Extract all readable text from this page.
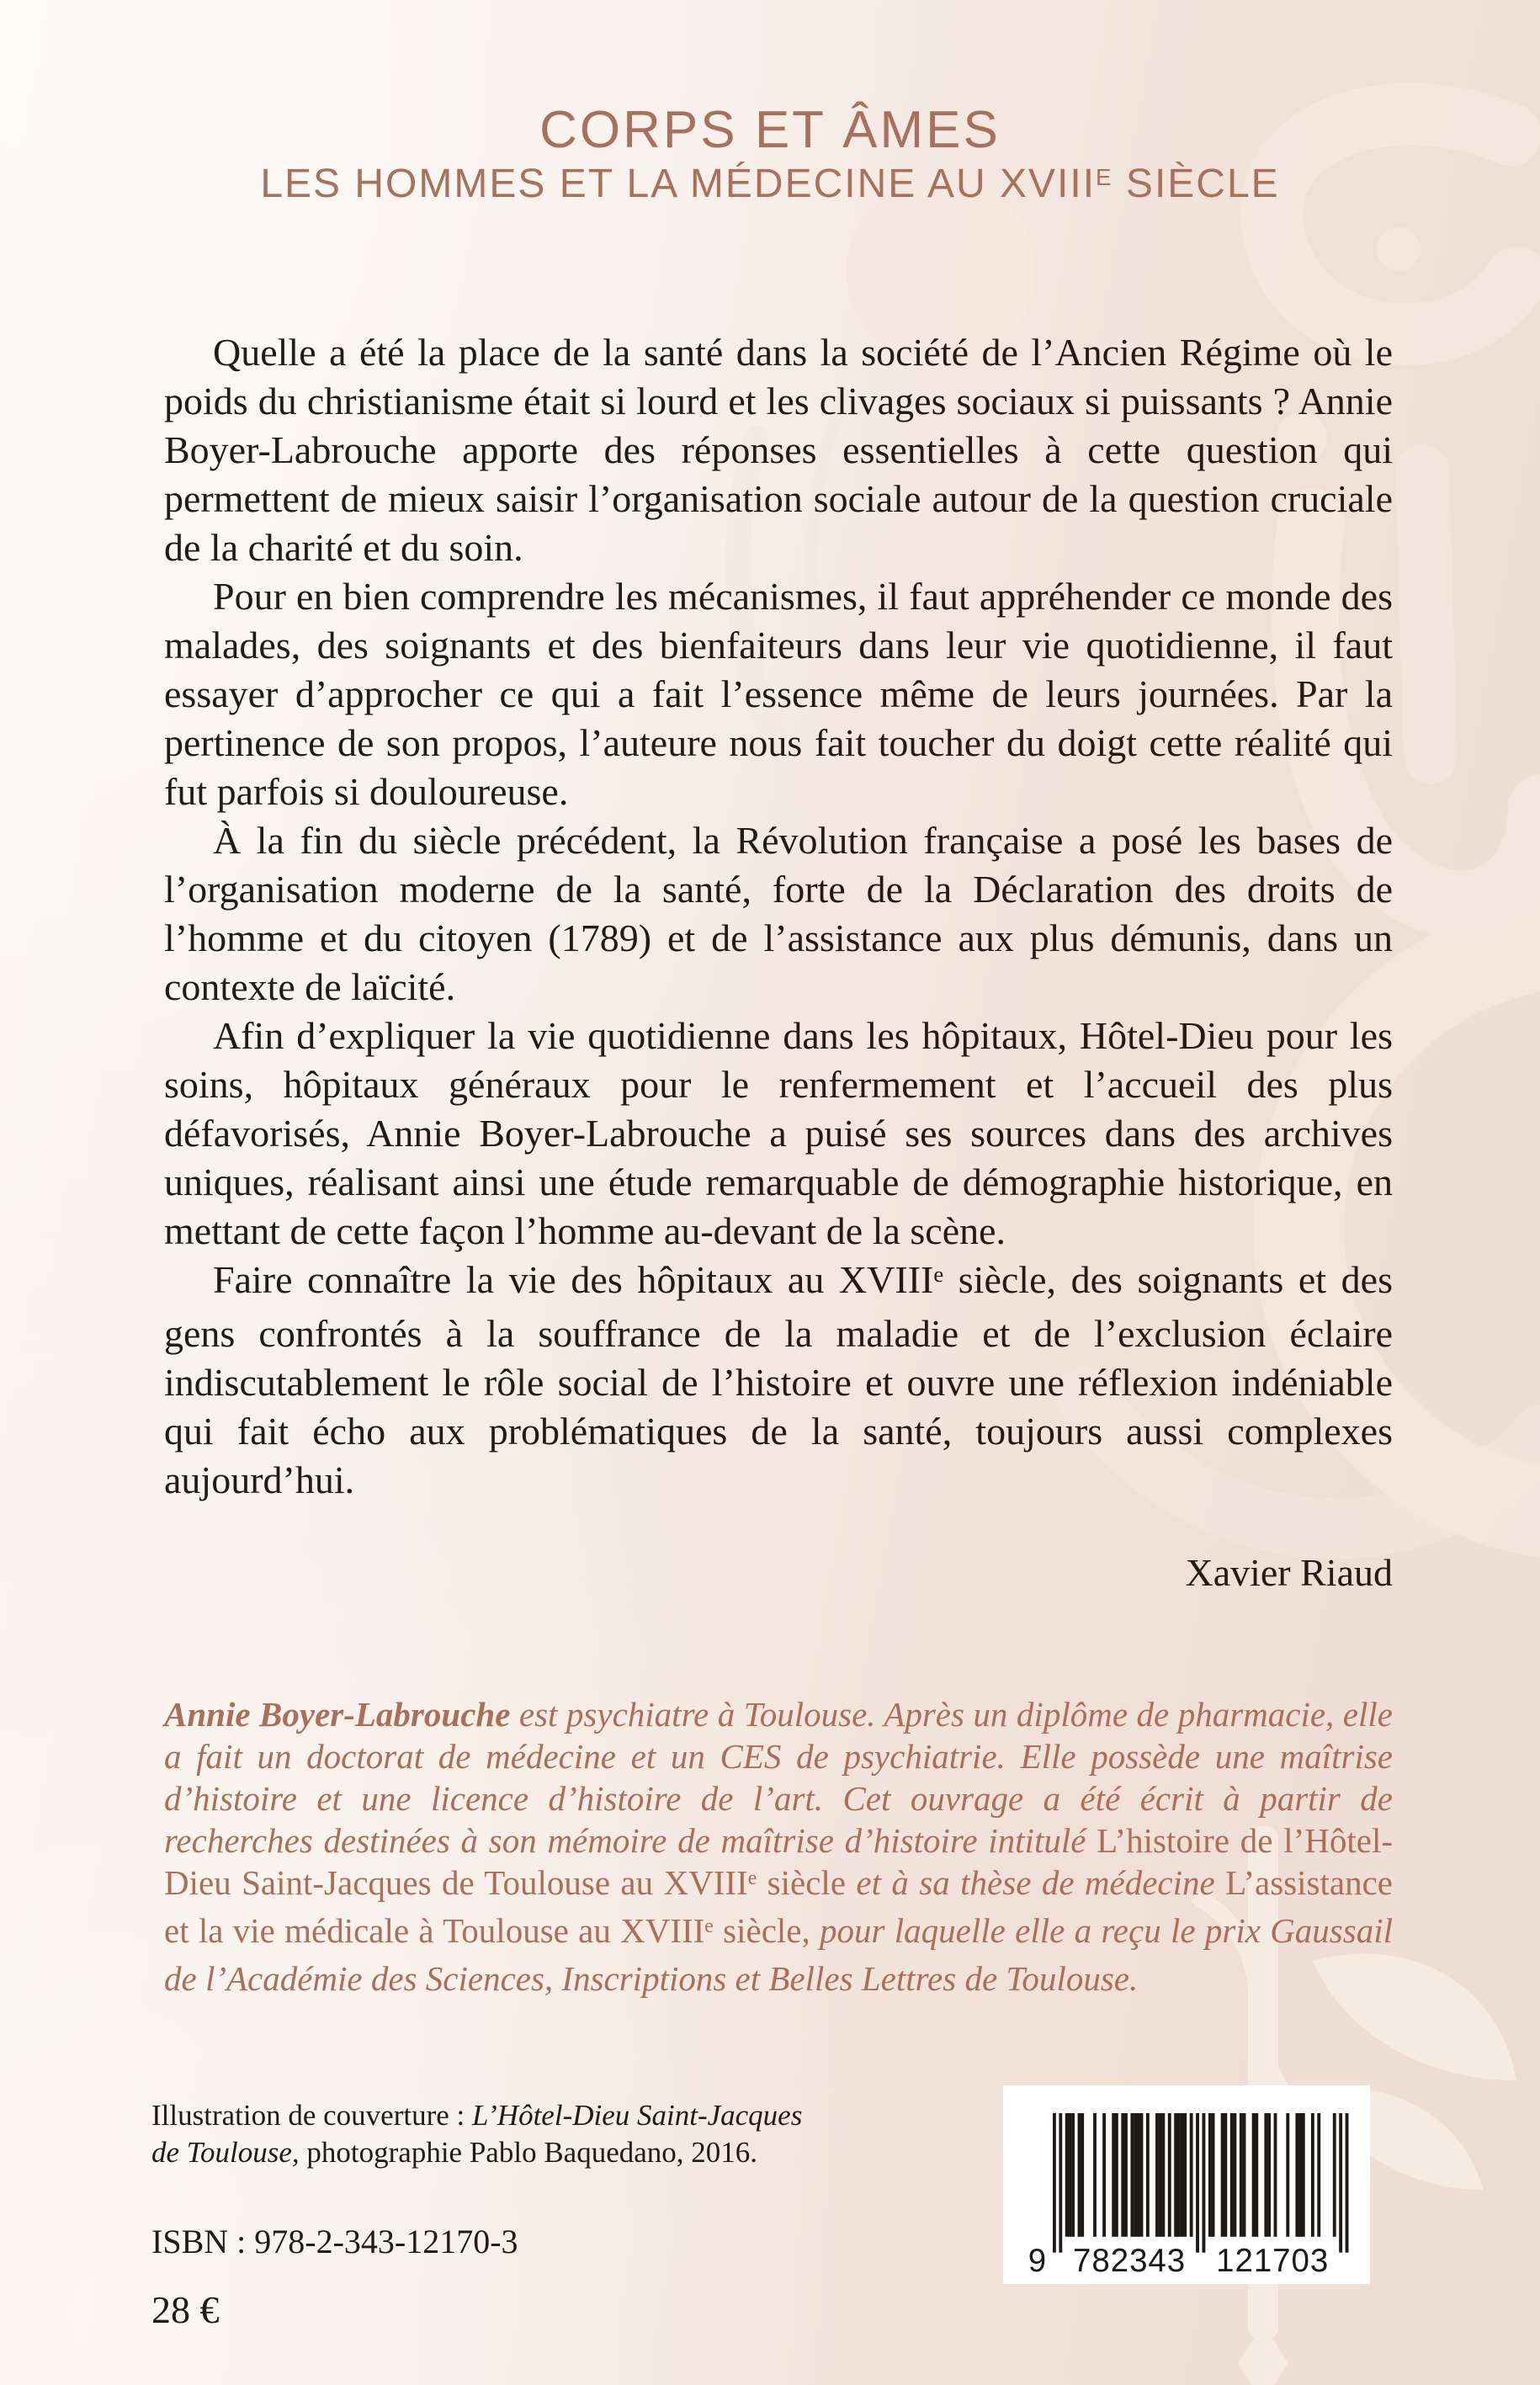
CORPS ET ÂMES
LES HOMMES ET LA MÉDECINE AU $XVIII^E$ SIÈCLE

Quelle a été la place de la santé dans la société de l’Ancien Régime où le poids du christianisme était si lourd et les clivages sociaux si puissants ? Annie Boyer-Labrouche apporte des réponses essentielles à cette question qui permettent de mieux saisir l’organisation sociale autour de la question cruciale de la charité et du soin.

Pour en bien comprendre les mécanismes, il faut appréhender ce monde des malades, des soignants et des bienfaiteurs dans leur vie quotidienne, il faut essayer d’approcher ce qui a fait l’essence même de leurs journées. Par la pertinence de son propos, l’auteure nous fait toucher du doigt cette réalité qui fut parfois si douloureuse.

À la fin du siècle précédent, la Révolution française a posé les bases de l’organisation moderne de la santé, forte de la Déclaration des droits de l’homme et du citoyen (1789) et de l’assistance aux plus démunis, dans un contexte de laïcité.

Afin d’expliquer la vie quotidienne dans les hôpitaux, Hôtel-Dieu pour les soins, hôpitaux généraux pour le renfermement et l’accueil des plus défavorisés, Annie Boyer-Labrouche a puisé ses sources dans des archives uniques, réalisant ainsi une étude remarquable de démographie historique, en mettant de cette façon l’homme au-devant de la scène.

Faire connaître la vie des hôpitaux au XVIIIe siècle, des soignants et des gens confrontés à la souffrance de la maladie et de l’exclusion éclaire indiscutablement le rôle social de l’histoire et ouvre une réflexion indéniable qui fait écho aux problématiques de la santé, toujours aussi complexes aujourd’hui.

Xavier Riaud

Annie Boyer-Labrouche est psychiatre à Toulouse. Après un diplôme de pharmacie, elle a fait un doctorat de médecine et un CES de psychiatrie. Elle possède une maîtrise d’histoire et une licence d’histoire de l’art. Cet ouvrage a été écrit à partir de recherches destinées à son mémoire de maîtrise d’histoire intitulé L’histoire de l’Hôtel-Dieu Saint-Jacques de Toulouse au XVIIIe siècle et à sa thèse de médecine L’assistance et la vie médicale à Toulouse au XVIIIe siècle, pour laquelle elle a reçu le prix Gaussail de l’Académie des Sciences, Inscriptions et Belles Lettres de Toulouse.

Illustration de couverture : L’Hôtel-Dieu Saint-Jacques
de Toulouse, photographie Pablo Baquedano, 2016.
ISBN : 978-2-343-12170-3
28 €
9	782343	121703
